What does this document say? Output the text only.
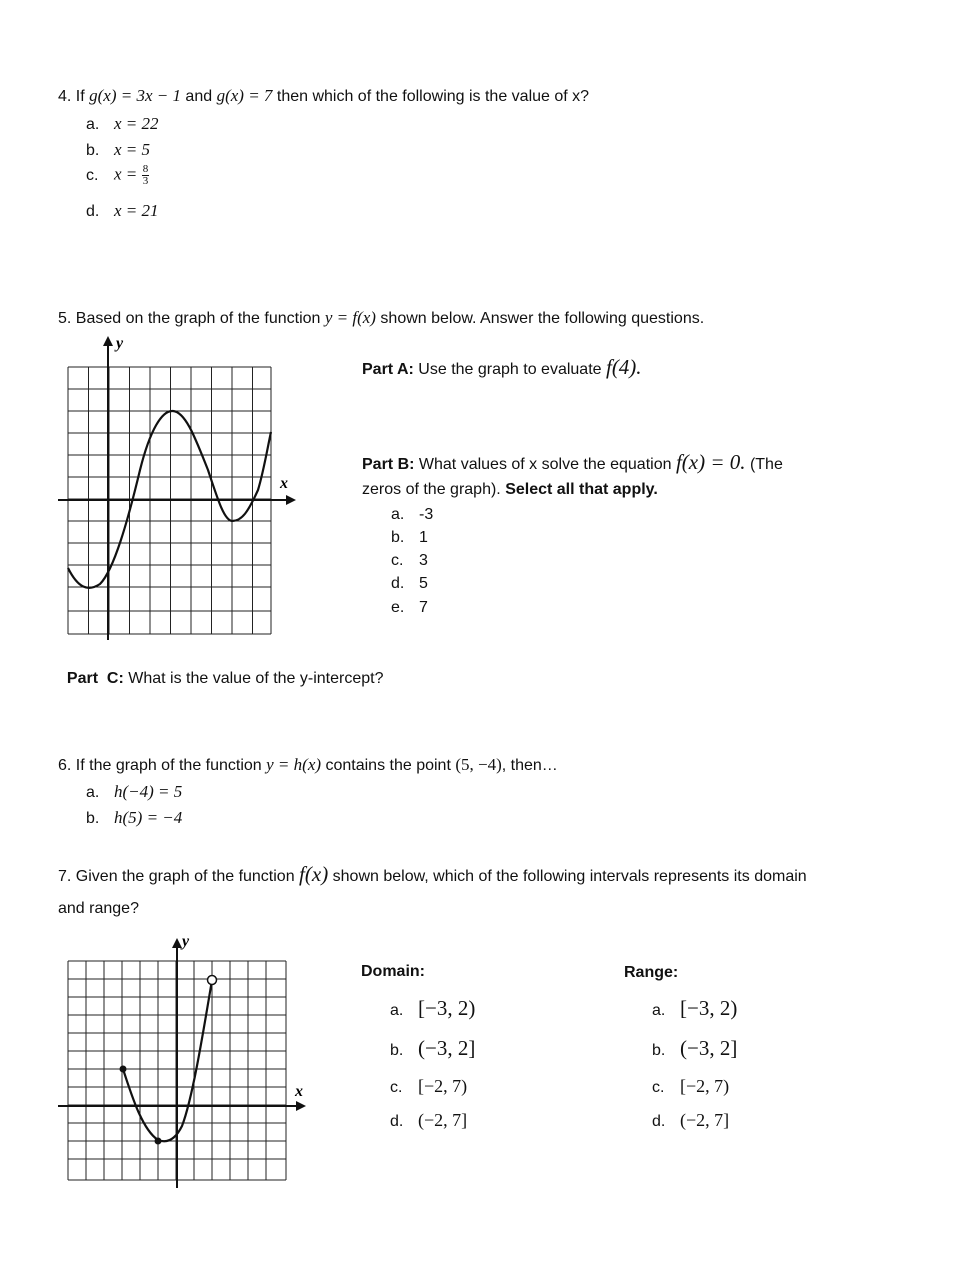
4. If g(x) = 3x − 1 and g(x) = 7 then which of the following is the value of x?
a. x = 22
b. x = 5
c. $x = \frac{8}{3}$
d. x = 21
5. Based on the graph of the function y = f(x) shown below. Answer the following questions.
y
x
Part A: Use the graph to evaluate f(4).
Part B: What values of x solve the equation f(x) = 0. (The
zeros of the graph). Select all that apply.
a. -3
b. 1
c. 3
d. 5
e. 7

Part  C: What is the value of the y-intercept?

6. If the graph of the function y = h(x) contains the point (5, −4), then…
a. h(−4) = 5
b. h(5) = −4
7. Given the graph of the function f(x) shown below, which of the following intervals represents its domain
and range?
y
x
Domain:
a. [−3, 2)
b. (−3, 2]
c. [−2, 7)
d. (−2, 7]
Range:
a. [−3, 2)
b. (−3, 2]
c. [−2, 7)
d. (−2, 7]
